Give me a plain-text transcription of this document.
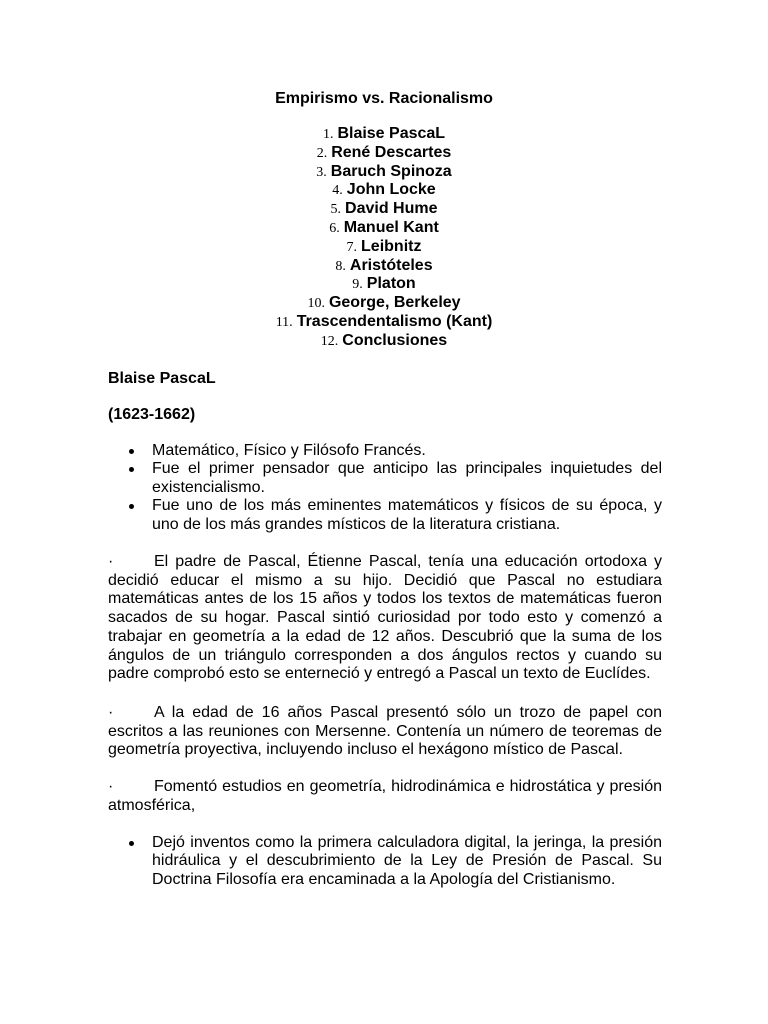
Empirismo vs. Racionalismo
1. Blaise PascaL
2. René Descartes
3. Baruch Spinoza
4. John Locke
5. David Hume
6. Manuel Kant
7. Leibnitz
8. Aristóteles
9. Platon
10. George, Berkeley
11. Trascendentalismo (Kant)
12. Conclusiones
Blaise PascaL
(1623-1662)
Matemático, Físico y Filósofo Francés.
Fue el primer pensador que anticipo las principales inquietudes del existencialismo.
Fue uno de los más eminentes matemáticos y físicos de su época, y uno de los más grandes místicos de la literatura cristiana.

·	El padre de Pascal, Étienne Pascal, tenía una educación ortodoxa y decidió educar el mismo a su hijo. Decidió que Pascal no estudiara matemáticas antes de los 15 años y todos los textos de matemáticas fueron sacados de su hogar. Pascal sintió curiosidad por todo esto y comenzó a trabajar en geometría a la edad de 12 años. Descubrió que la suma de los ángulos de un triángulo corresponden a dos ángulos rectos y cuando su padre comprobó esto se enterneció y entregó a Pascal un texto de Euclídes.

·	A la edad de 16 años Pascal presentó sólo un trozo de papel con escritos a las reuniones con Mersenne. Contenía un número de teoremas de geometría proyectiva, incluyendo incluso el hexágono místico de Pascal.

·	Fomentó estudios en geometría, hidrodinámica e hidrostática y presión atmosférica,

Dejó inventos como la primera calculadora digital, la jeringa, la presión hidráulica y el descubrimiento de la Ley de Presión de Pascal. Su Doctrina Filosofía era encaminada a la Apología del Cristianismo.
